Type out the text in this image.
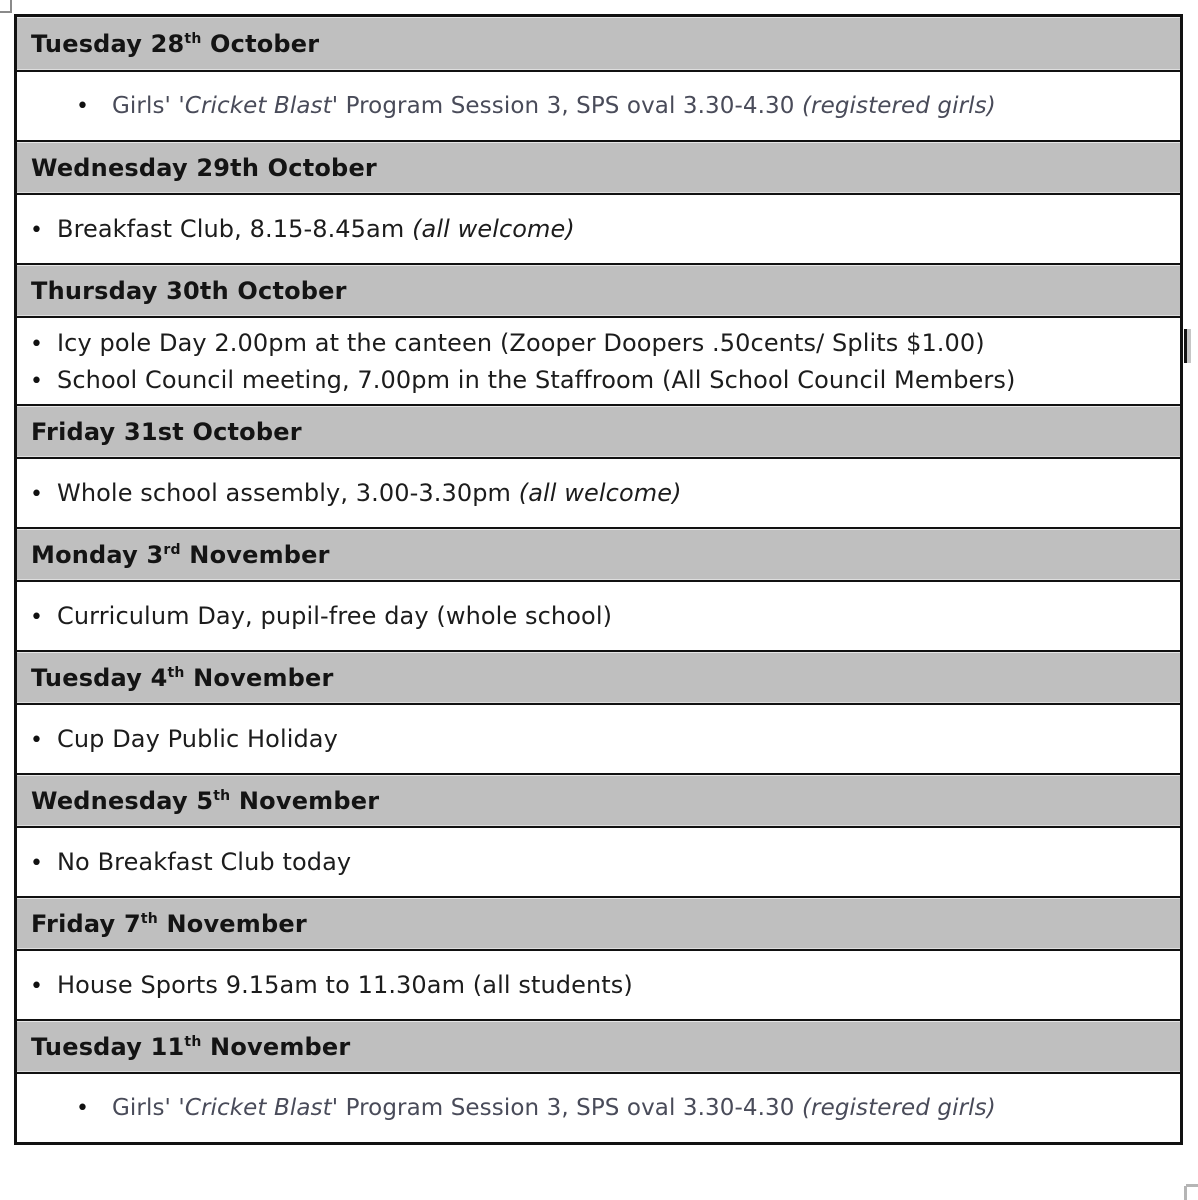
Tuesday 28th October
•	Girls' 'Cricket Blast' Program Session 3, SPS oval 3.30-4.30 (registered girls)
Wednesday 29th October
• Breakfast Club, 8.15-8.45am (all welcome)
Thursday 30th October
• Icy pole Day 2.00pm at the canteen (Zooper Doopers .50cents/ Splits $1.00)
• School Council meeting, 7.00pm in the Staffroom (All School Council Members)
Friday 31st October
• Whole school assembly, 3.00-3.30pm (all welcome)
Monday 3rd November
• Curriculum Day, pupil-free day (whole school)
Tuesday 4th November
• Cup Day Public Holiday
Wednesday 5th November
• No Breakfast Club today
Friday 7th November
• House Sports 9.15am to 11.30am (all students)
Tuesday 11th November
•	Girls' 'Cricket Blast' Program Session 3, SPS oval 3.30-4.30 (registered girls)
